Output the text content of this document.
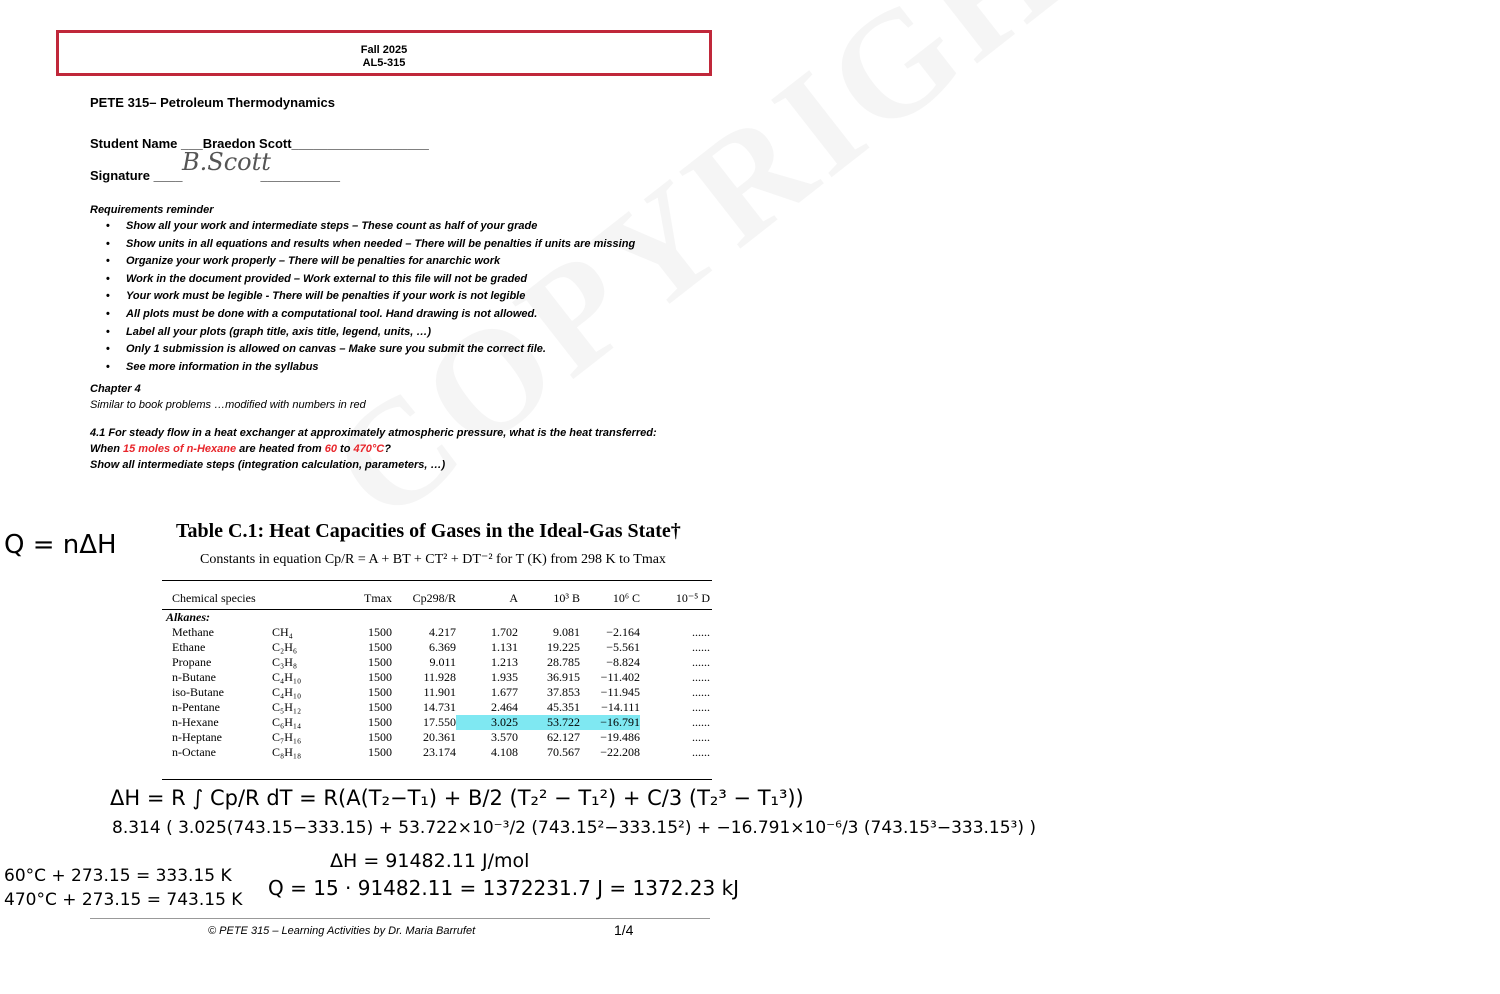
Fall 2025
AL5-315
PETE 315– Petroleum Thermodynamics
Student Name ___Braedon Scott___________________
Signature ____	___________
B.Scott
Requirements reminder
• Show all your work and intermediate steps – These count as half of your grade
• Show units in all equations and results when needed – There will be penalties if units are missing
• Organize your work properly – There will be penalties for anarchic work
• Work in the document provided – Work external to this file will not be graded
• Your work must be legible - There will be penalties if your work is not legible
• All plots must be done with a computational tool. Hand drawing is not allowed.
• Label all your plots (graph title, axis title, legend, units, …)
• Only 1 submission is allowed on canvas – Make sure you submit the correct file.
• See more information in the syllabus
Chapter 4
Similar to book problems …modified with numbers in red
4.1 For steady flow in a heat exchanger at approximately atmospheric pressure, what is the heat transferred:
When 15 moles of n-Hexane are heated from 60 to 470°C?
Show all intermediate steps (integration calculation, parameters, …)
Q = nΔH	Table C.1: Heat Capacities of Gases in the Ideal-Gas State†
Constants in equation Cp/R = A + BT + CT² + DT⁻² for T (K) from 298 K to Tmax
Chemical species		Tmax	Cp298/R	A	10³ B	10⁶ C	10⁻⁵ D
Alkanes:							
Methane	CH₄	1500	4.217	1.702	9.081	−2.164	......
Ethane	C₂H₆	1500	6.369	1.131	19.225	−5.561	......
Propane	C₃H₈	1500	9.011	1.213	28.785	−8.824	......
n-Butane	C₄H₁₀	1500	11.928	1.935	36.915	−11.402	......
iso-Butane	C₄H₁₀	1500	11.901	1.677	37.853	−11.945	......
n-Pentane	C₅H₁₂	1500	14.731	2.464	45.351	−14.111	......
n-Hexane	C₆H₁₄	1500	17.550	3.025	53.722	−16.791	......
n-Heptane	C₇H₁₆	1500	20.361	3.570	62.127	−19.486	......
n-Octane	C₈H₁₈	1500	23.174	4.108	70.567	−22.208	......
ΔH = R ∫ Cp/R dT = R(A(T₂−T₁) + B/2 (T₂² − T₁²) + C/3 (T₂³ − T₁³))
8.314 ( 3.025(743.15−333.15) + 53.722×10⁻³/2 (743.15²−333.15²) + −16.791×10⁻⁶/3 (743.15³−333.15³) )
ΔH = 91482.11 J/mol
60°C + 273.15 = 333.15 K
470°C + 273.15 = 743.15 K Q = 15 · 91482.11 = 1372231.7 J = 1372.23 kJ
© PETE 315 – Learning Activities by Dr. Maria Barrufet	1/4
